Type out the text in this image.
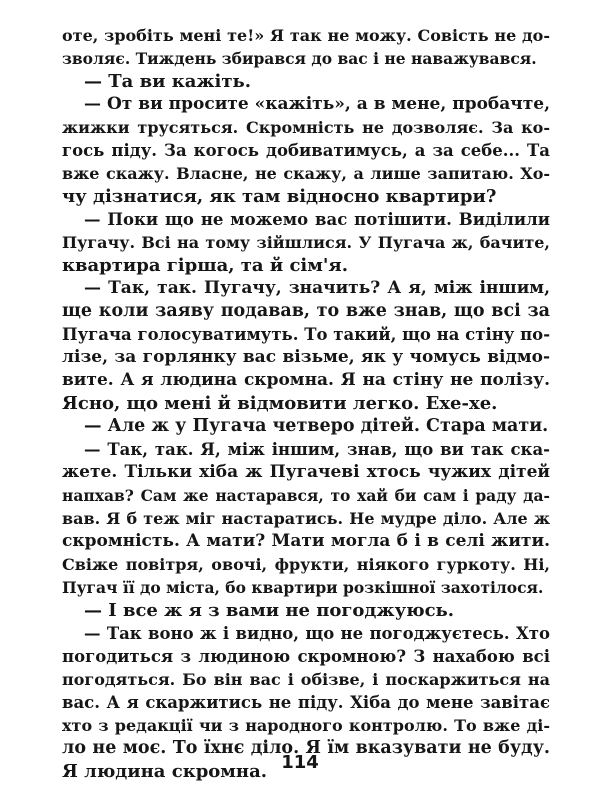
оте, зробіть мені те!» Я так не можу. Совість не до-
зволяє. Тиждень збирався до вас і не наважувався.
— Та ви кажіть.
— От ви просите «кажіть», а в мене, пробачте,
жижки трусяться. Скромність не дозволяє. За ко-
гось піду. За когось добиватимусь, а за себе... Та
вже скажу. Власне, не скажу, а лише запитаю. Хо-
чу дізнатися, як там відносно квартири?
— Поки що не можемо вас потішити. Виділили
Пугачу. Всі на тому зійшлися. У Пугача ж, бачите,
квартира гірша, та й сім'я.
— Так, так. Пугачу, значить? А я, між іншим,
ще коли заяву подавав, то вже знав, що всі за
Пугача голосуватимуть. То такий, що на стіну по-
лізе, за горлянку вас візьме, як у чомусь відмо-
вите. А я людина скромна. Я на стіну не полізу.
Ясно, що мені й відмовити легко. Ехе-хе.
— Але ж у Пугача четверо дітей. Стара мати.
— Так, так. Я, між іншим, знав, що ви так ска-
жете. Тільки хіба ж Пугачеві хтось чужих дітей
напхав? Сам же настарався, то хай би сам і раду да-
вав. Я б теж міг настаратись. Не мудре діло. Але ж
скромність. А мати? Мати могла б і в селі жити.
Свіже повітря, овочі, фрукти, ніякого гуркоту. Ні,
Пугач її до міста, бо квартири розкішної захотілося.
— І все ж я з вами не погоджуюсь.
— Так воно ж і видно, що не погоджуєтесь. Хто
погодиться з людиною скромною? З нахабою всі
погодяться. Бо він вас і обізве, і поскаржиться на
вас. А я скаржитись не піду. Хіба до мене завітає
хто з редакції чи з народного контролю. То вже ді-
ло не моє. То їхнє діло. Я їм вказувати не буду.
Я людина скромна. 114
